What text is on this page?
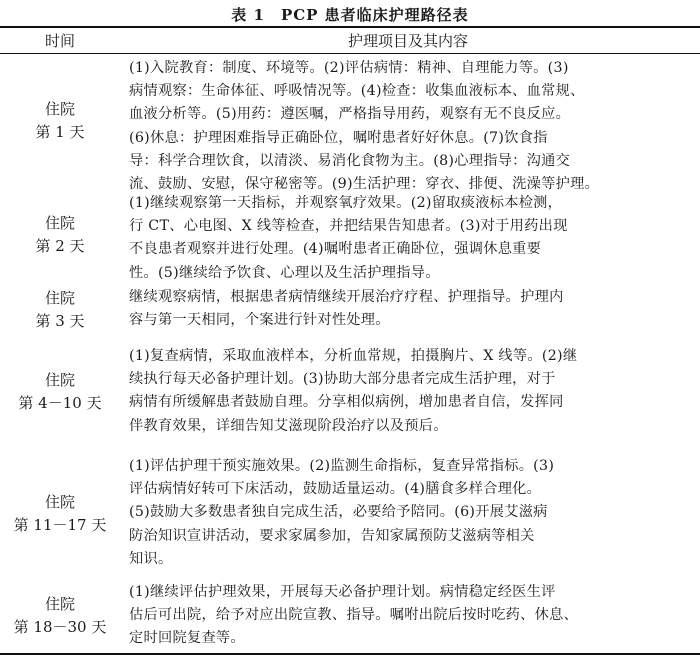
表 1　PCP 患者临床护理路径表
时间	护理项目及其内容
住院
第 1 天
(1)入院教育：制度、环境等。(2)评估病情：精神、自理能力等。(3)
病情观察：生命体征、呼吸情况等。(4)检查：收集血液标本、血常规、
血液分析等。(5)用药：遵医嘱，严格指导用药，观察有无不良反应。
(6)休息：护理困难指导正确卧位，嘱咐患者好好休息。(7)饮食指
导：科学合理饮食，以清淡、易消化食物为主。(8)心理指导：沟通交
流、鼓励、安慰，保守秘密等。(9)生活护理：穿衣、排便、洗澡等护理。
住院
第 2 天
(1)继续观察第一天指标，并观察氧疗效果。(2)留取痰液标本检测，
行 CT、心电图、X 线等检查，并把结果告知患者。(3)对于用药出现
不良患者观察并进行处理。(4)嘱咐患者正确卧位，强调休息重要
性。(5)继续给予饮食、心理以及生活护理指导。
住院
第 3 天
继续观察病情，根据患者病情继续开展治疗疗程、护理指导。护理内
容与第一天相同，个案进行针对性处理。
住院
第 4－10 天
(1)复查病情，采取血液样本，分析血常规，拍摄胸片、X 线等。(2)继
续执行每天必备护理计划。(3)协助大部分患者完成生活护理，对于
病情有所缓解患者鼓励自理。分享相似病例，增加患者自信，发挥同
伴教育效果，详细告知艾滋现阶段治疗以及预后。
住院
第 11－17 天
(1)评估护理干预实施效果。(2)监测生命指标，复查异常指标。(3)
评估病情好转可下床活动，鼓励适量运动。(4)膳食多样合理化。
(5)鼓励大多数患者独自完成生活，必要给予陪同。(6)开展艾滋病
防治知识宣讲活动，要求家属参加，告知家属预防艾滋病等相关
知识。
住院
第 18－30 天
(1)继续评估护理效果，开展每天必备护理计划。病情稳定经医生评
估后可出院，给予对应出院宣教、指导。嘱咐出院后按时吃药、休息、
定时回院复查等。
